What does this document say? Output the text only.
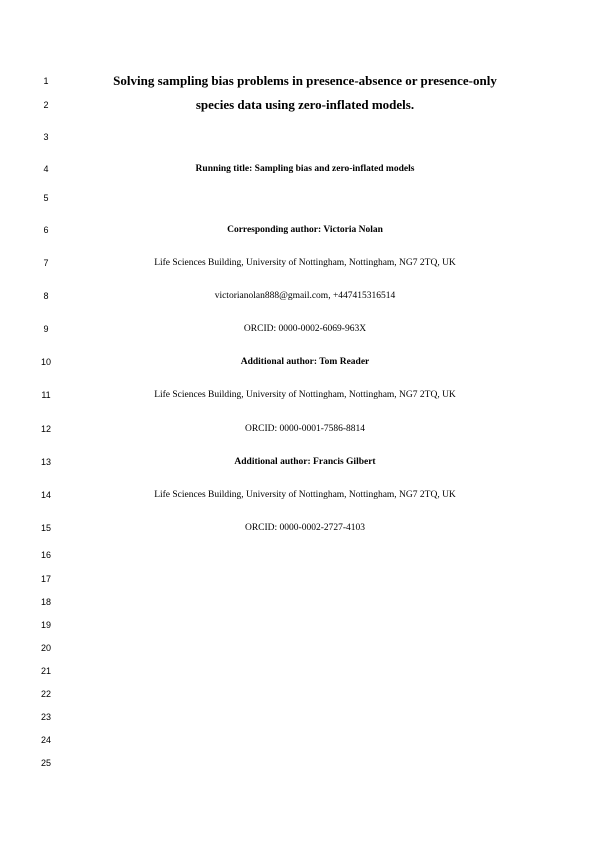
1
2
3
4
5
6
7
8
9
10
11
12
13
14
15
16
17
18
19
20
21
22
23
24
25
Solving sampling bias problems in presence-absence or presence-only
species data using zero-inflated models.
Running title: Sampling bias and zero-inflated models
Corresponding author: Victoria Nolan
Life Sciences Building, University of Nottingham, Nottingham, NG7 2TQ, UK
victorianolan888@gmail.com, +447415316514
ORCID: 0000-0002-6069-963X
Additional author: Tom Reader
Life Sciences Building, University of Nottingham, Nottingham, NG7 2TQ, UK
ORCID: 0000-0001-7586-8814
Additional author: Francis Gilbert
Life Sciences Building, University of Nottingham, Nottingham, NG7 2TQ, UK
ORCID: 0000-0002-2727-4103
